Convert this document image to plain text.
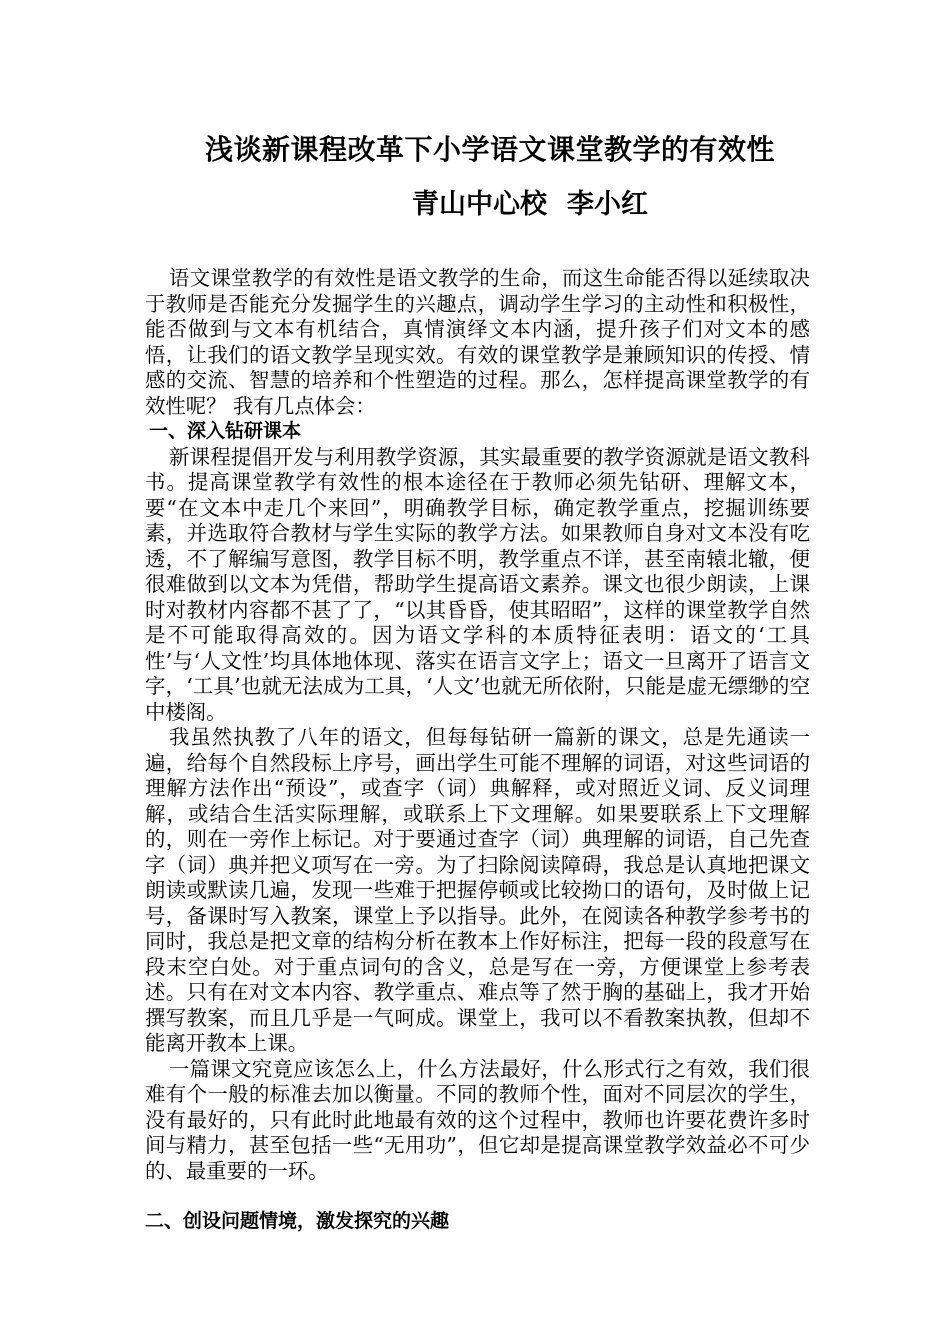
浅谈新课程改革下小学语文课堂教学的有效性
青山中心校 李小红

语文课堂教学的有效性是语文教学的生命，而这生命能否得以延续取决于教师是否能充分发掘学生的兴趣点，调动学生学习的主动性和积极性，能否做到与文本有机结合，真情演绎文本内涵，提升孩子们对文本的感悟，让我们的语文教学呈现实效。有效的课堂教学是兼顾知识的传授、情感的交流、智慧的培养和个性塑造的过程。那么，怎样提高课堂教学的有效性呢？ 我有几点体会：

一、深入钻研课本

新课程提倡开发与利用教学资源，其实最重要的教学资源就是语文教科书。提高课堂教学有效性的根本途径在于教师必须先钻研、理解文本，要“在文本中走几个来回”，明确教学目标，确定教学重点，挖掘训练要素，并选取符合教材与学生实际的教学方法。如果教师自身对文本没有吃透，不了解编写意图，教学目标不明，教学重点不详，甚至南辕北辙，便很难做到以文本为凭借，帮助学生提高语文素养。课文也很少朗读，上课时对教材内容都不甚了了，“以其昏昏，使其昭昭”，这样的课堂教学自然是不可能取得高效的。因为语文学科的本质特征表明：语文的‘工具性’与‘人文性’均具体地体现、落实在语言文字上；语文一旦离开了语言文字，‘工具’也就无法成为工具，‘人文’也就无所依附，只能是虚无缥缈的空中楼阁。

我虽然执教了八年的语文，但每每钻研一篇新的课文，总是先通读一遍，给每个自然段标上序号，画出学生可能不理解的词语，对这些词语的理解方法作出“预设”，或查字（词）典解释，或对照近义词、反义词理解，或结合生活实际理解，或联系上下文理解。如果要联系上下文理解的，则在一旁作上标记。对于要通过查字（词）典理解的词语，自己先查字（词）典并把义项写在一旁。为了扫除阅读障碍，我总是认真地把课文朗读或默读几遍，发现一些难于把握停顿或比较拗口的语句，及时做上记号，备课时写入教案，课堂上予以指导。此外，在阅读各种教学参考书的同时，我总是把文章的结构分析在教本上作好标注，把每一段的段意写在段末空白处。对于重点词句的含义，总是写在一旁，方便课堂上参考表述。只有在对文本内容、教学重点、难点等了然于胸的基础上，我才开始撰写教案，而且几乎是一气呵成。课堂上，我可以不看教案执教，但却不能离开教本上课。

一篇课文究竟应该怎么上，什么方法最好，什么形式行之有效，我们很难有个一般的标准去加以衡量。不同的教师个性，面对不同层次的学生，没有最好的，只有此时此地最有效的这个过程中，教师也许要花费许多时间与精力，甚至包括一些“无用功”，但它却是提高课堂教学效益必不可少的、最重要的一环。

二、创设问题情境，激发探究的兴趣
